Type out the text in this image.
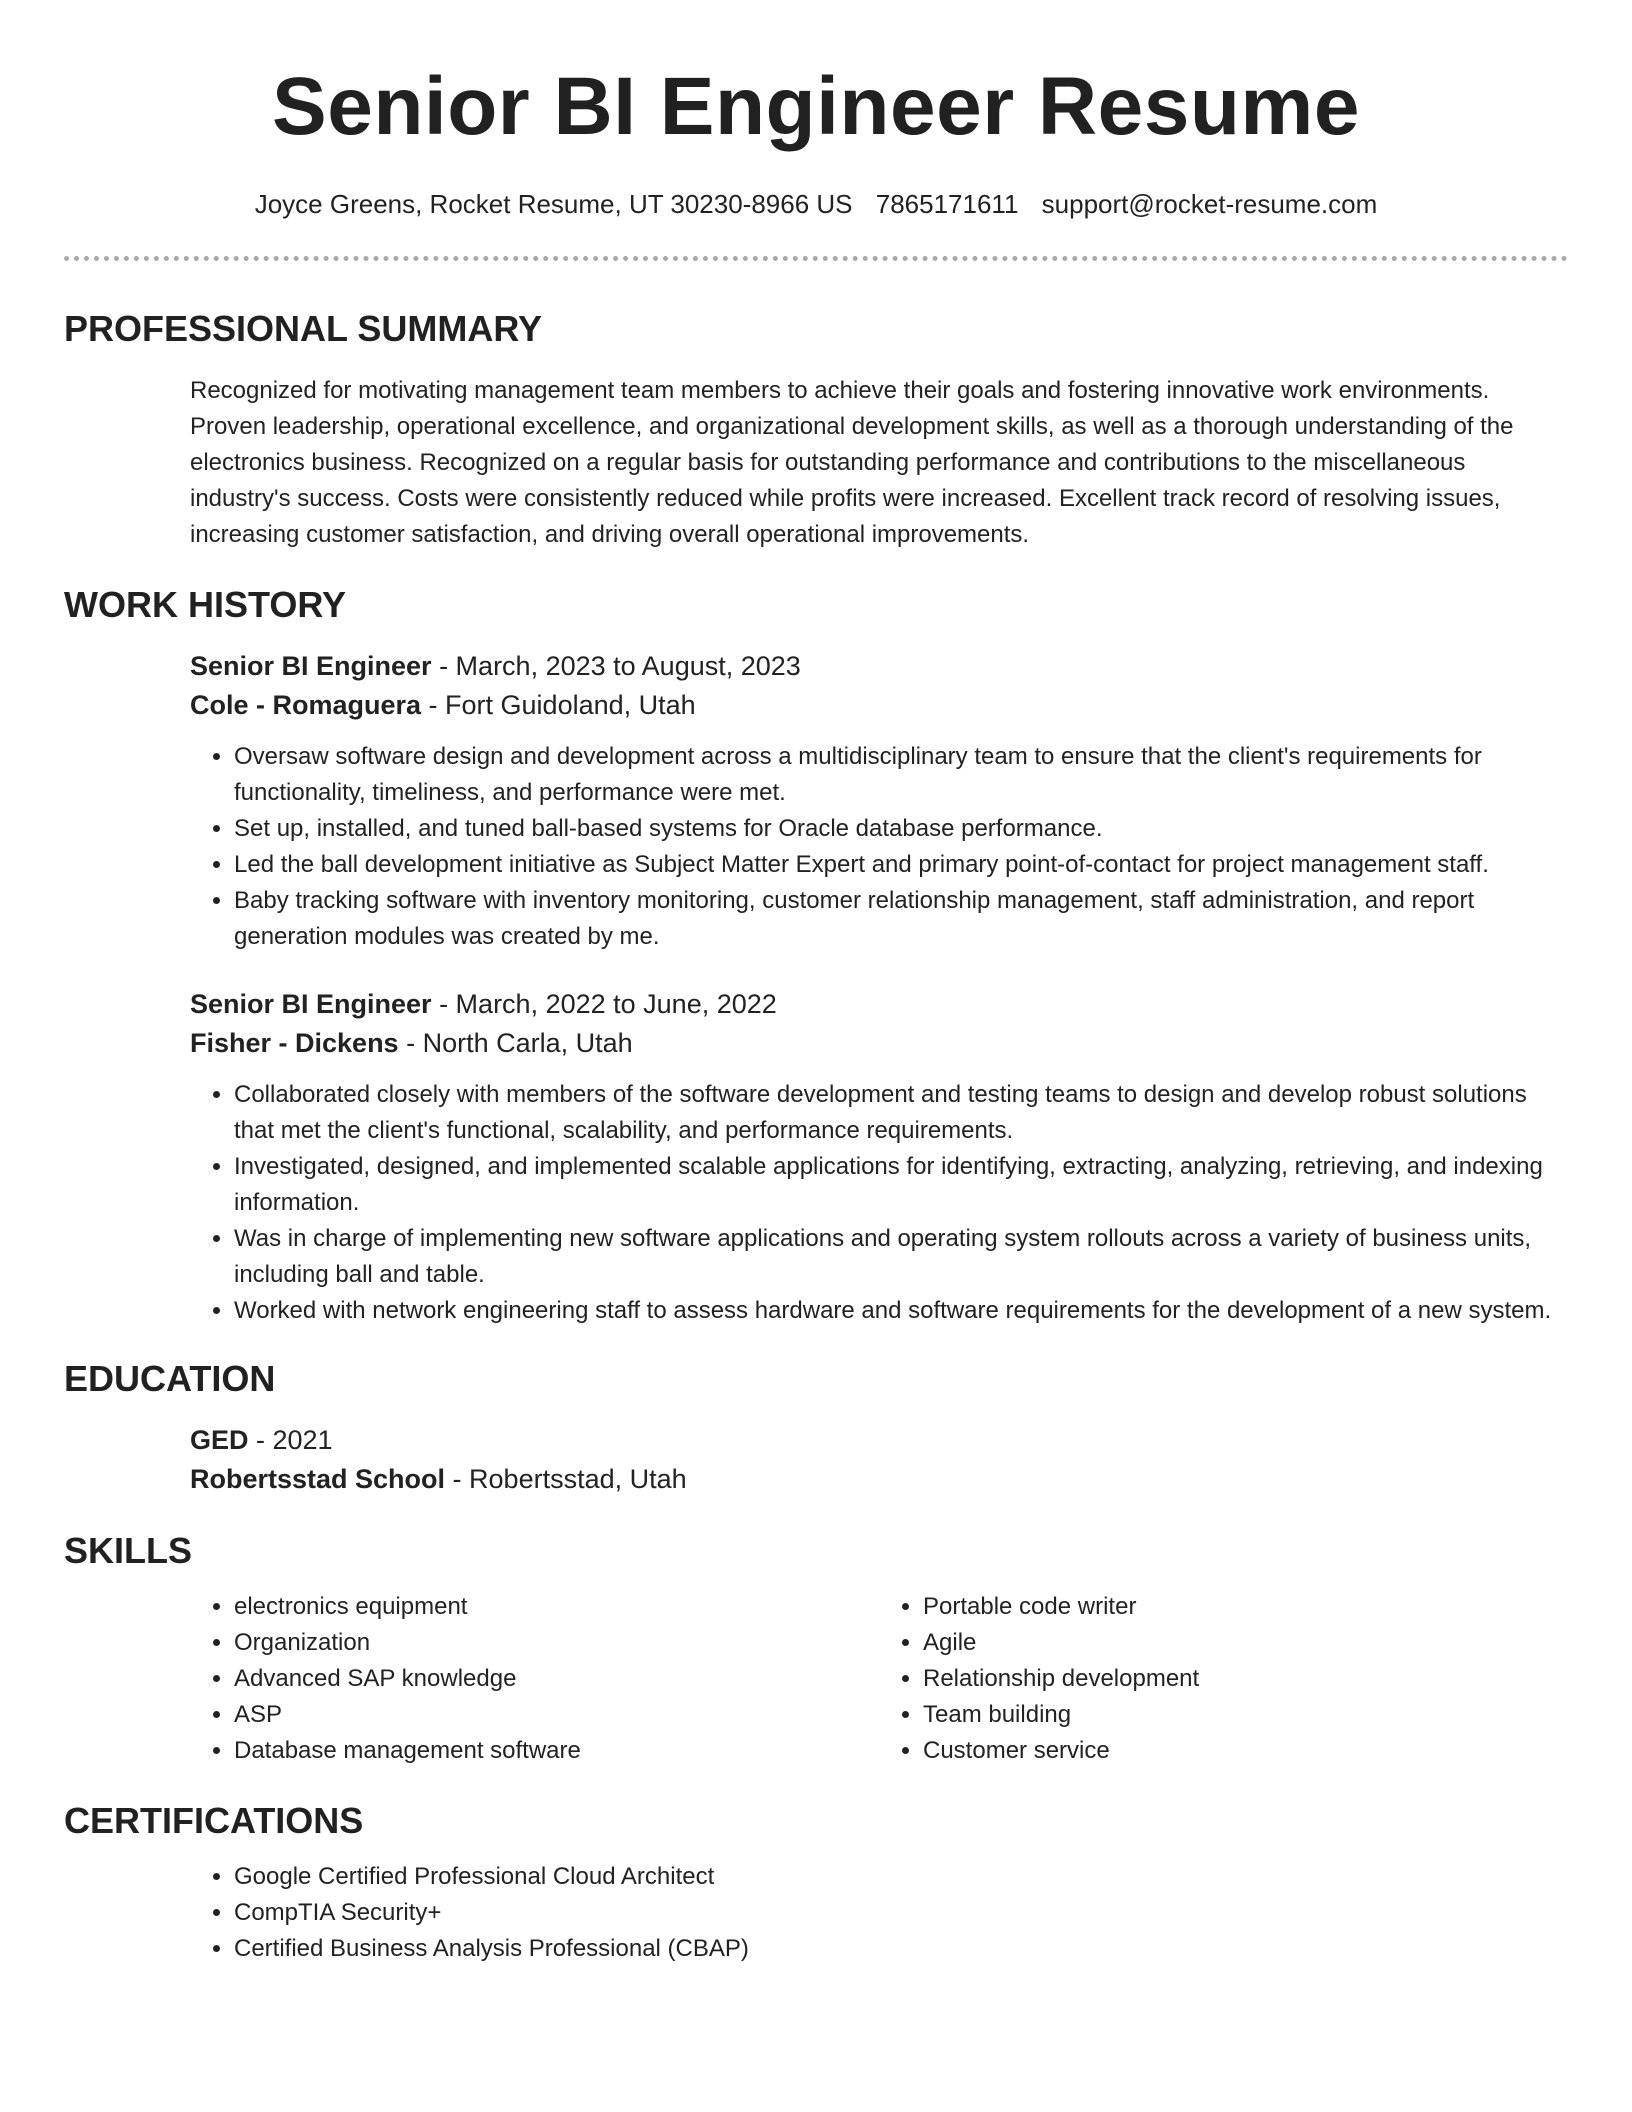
Senior BI Engineer Resume
Joyce Greens, Rocket Resume, UT 30230-8966 US 7865171611 support@rocket-resume.com
PROFESSIONAL SUMMARY
Recognized for motivating management team members to achieve their goals and fostering innovative work environments. Proven leadership, operational excellence, and organizational development skills, as well as a thorough understanding of the electronics business. Recognized on a regular basis for outstanding performance and contributions to the miscellaneous industry's success. Costs were consistently reduced while profits were increased. Excellent track record of resolving issues, increasing customer satisfaction, and driving overall operational improvements.
WORK HISTORY
Senior BI Engineer - March, 2023 to August, 2023
Cole - Romaguera - Fort Guidoland, Utah
• Oversaw software design and development across a multidisciplinary team to ensure that the client's requirements for functionality, timeliness, and performance were met.
• Set up, installed, and tuned ball-based systems for Oracle database performance.
• Led the ball development initiative as Subject Matter Expert and primary point-of-contact for project management staff.
• Baby tracking software with inventory monitoring, customer relationship management, staff administration, and report generation modules was created by me.
Senior BI Engineer - March, 2022 to June, 2022
Fisher - Dickens - North Carla, Utah
• Collaborated closely with members of the software development and testing teams to design and develop robust solutions that met the client's functional, scalability, and performance requirements.
• Investigated, designed, and implemented scalable applications for identifying, extracting, analyzing, retrieving, and indexing information.
• Was in charge of implementing new software applications and operating system rollouts across a variety of business units, including ball and table.
• Worked with network engineering staff to assess hardware and software requirements for the development of a new system.
EDUCATION
GED - 2021
Robertsstad School - Robertsstad, Utah
SKILLS
• electronics equipment
• Organization
• Advanced SAP knowledge
• ASP
• Database management software
• Portable code writer
• Agile
• Relationship development
• Team building
• Customer service
CERTIFICATIONS
• Google Certified Professional Cloud Architect
• CompTIA Security+
• Certified Business Analysis Professional (CBAP)
